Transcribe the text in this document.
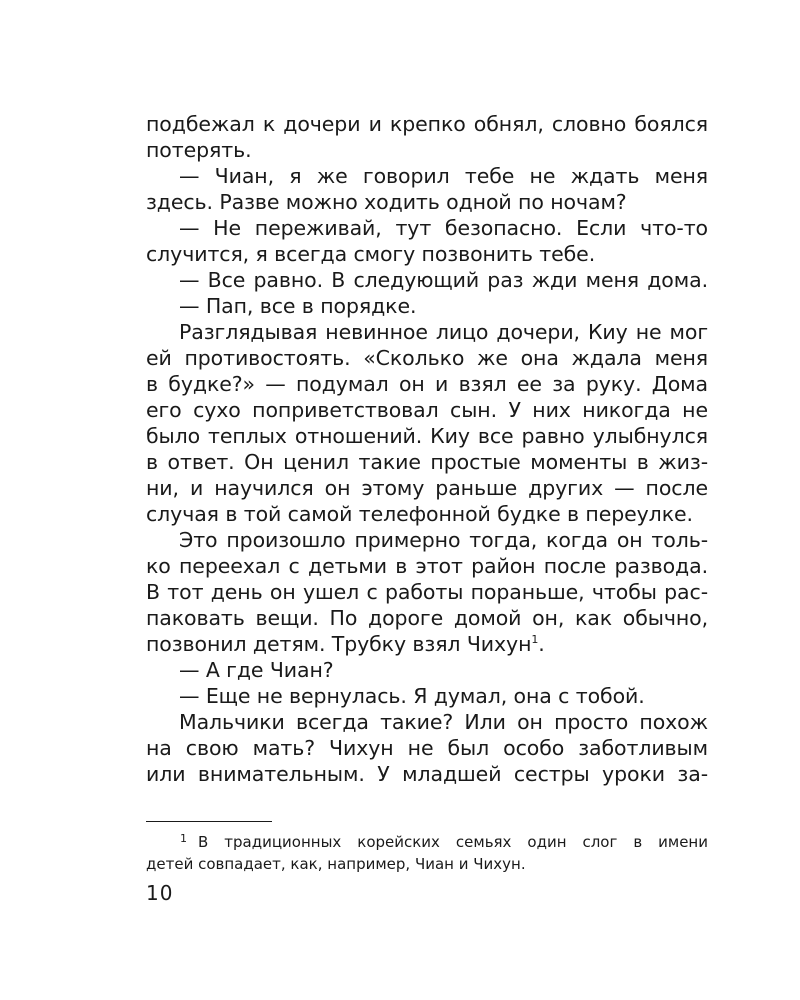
подбежал к дочери и крепко обнял, словно боялся
потерять.
— Чиан, я же говорил тебе не ждать меня
здесь. Разве можно ходить одной по ночам?
— Не переживай, тут безопасно. Если что-то
случится, я всегда смогу позвонить тебе.
— Все равно. В следующий раз жди меня дома.
— Пап, все в порядке.
Разглядывая невинное лицо дочери, Киу не мог
ей противостоять. «Сколько же она ждала меня
в будке?» — подумал он и взял ее за руку. Дома
его сухо поприветствовал сын. У них никогда не
было теплых отношений. Киу все равно улыбнулся
в ответ. Он ценил такие простые моменты в жиз-
ни, и научился он этому раньше других — после
случая в той самой телефонной будке в переулке.
Это произошло примерно тогда, когда он толь-
ко переехал с детьми в этот район после развода.
В тот день он ушел с работы пораньше, чтобы рас-
паковать вещи. По дороге домой он, как обычно,
позвонил детям. Трубку взял Чихун$^1$.
— А где Чиан?
— Еще не вернулась. Я думал, она с тобой.
Мальчики всегда такие? Или он просто похож
на свою мать? Чихун не был особо заботливым
или внимательным. У младшей сестры уроки за-
1 В традиционных корейских семьях один слог в имени
детей совпадает, как, например, Чиан и Чихун.
10
